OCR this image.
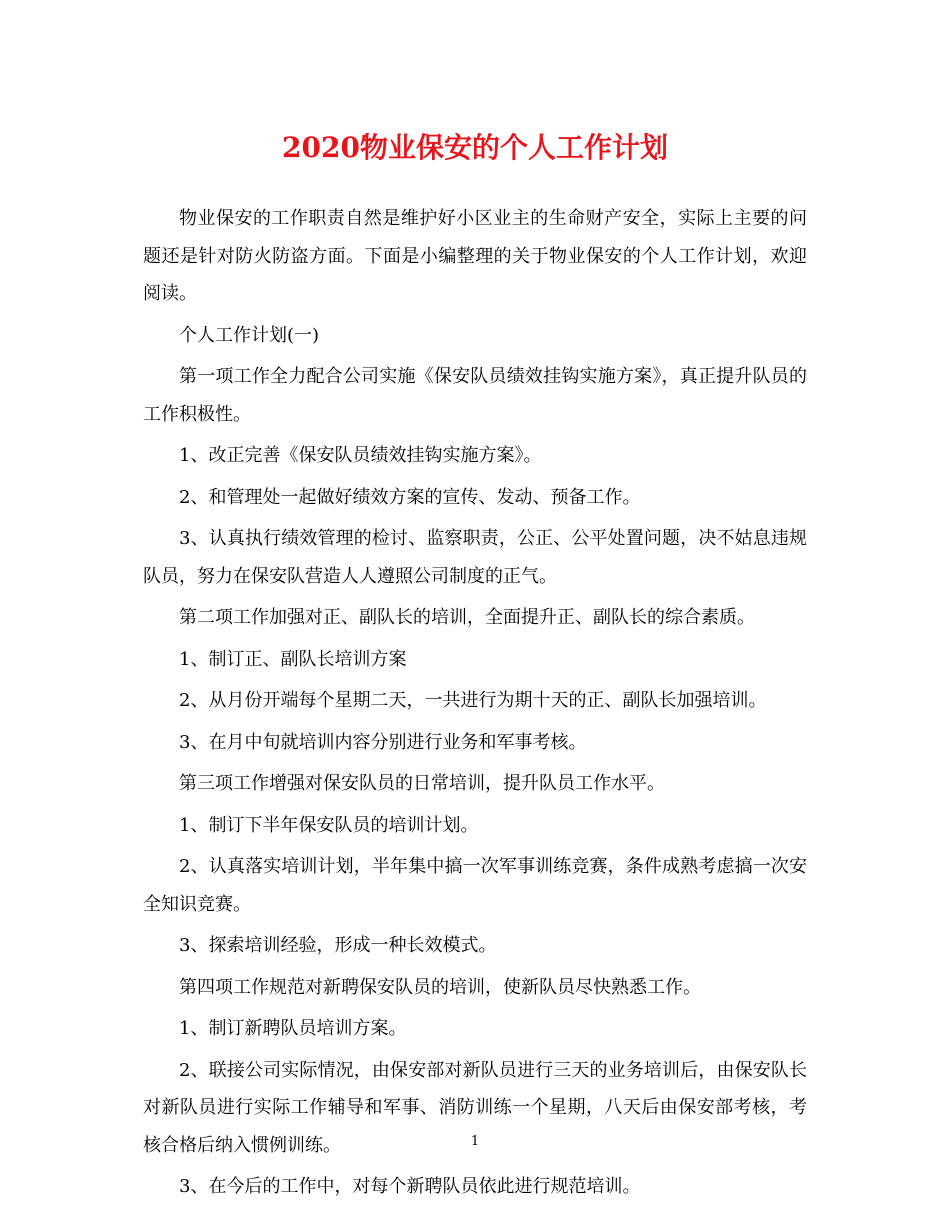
2020物业保安的个人工作计划

物业保安的工作职责自然是维护好小区业主的生命财产安全，实际上主要的问题还是针对防火防盗方面。下面是小编整理的关于物业保安的个人工作计划，欢迎阅读。

个人工作计划(一)

第一项工作全力配合公司实施《保安队员绩效挂钩实施方案》，真正提升队员的工作积极性。

1、改正完善《保安队员绩效挂钩实施方案》。

2、和管理处一起做好绩效方案的宣传、发动、预备工作。

3、认真执行绩效管理的检讨、监察职责，公正、公平处置问题，决不姑息违规队员，努力在保安队营造人人遵照公司制度的正气。

第二项工作加强对正、副队长的培训，全面提升正、副队长的综合素质。

1、制订正、副队长培训方案

2、从月份开端每个星期二天，一共进行为期十天的正、副队长加强培训。

3、在月中旬就培训内容分别进行业务和军事考核。

第三项工作增强对保安队员的日常培训，提升队员工作水平。

1、制订下半年保安队员的培训计划。

2、认真落实培训计划，半年集中搞一次军事训练竞赛，条件成熟考虑搞一次安全知识竞赛。

3、探索培训经验，形成一种长效模式。

第四项工作规范对新聘保安队员的培训，使新队员尽快熟悉工作。

1、制订新聘队员培训方案。

2、联接公司实际情况，由保安部对新队员进行三天的业务培训后，由保安队长对新队员进行实际工作辅导和军事、消防训练一个星期，八天后由保安部考核，考核合格后纳入惯例训练。

3、在今后的工作中，对每个新聘队员依此进行规范培训。

1
